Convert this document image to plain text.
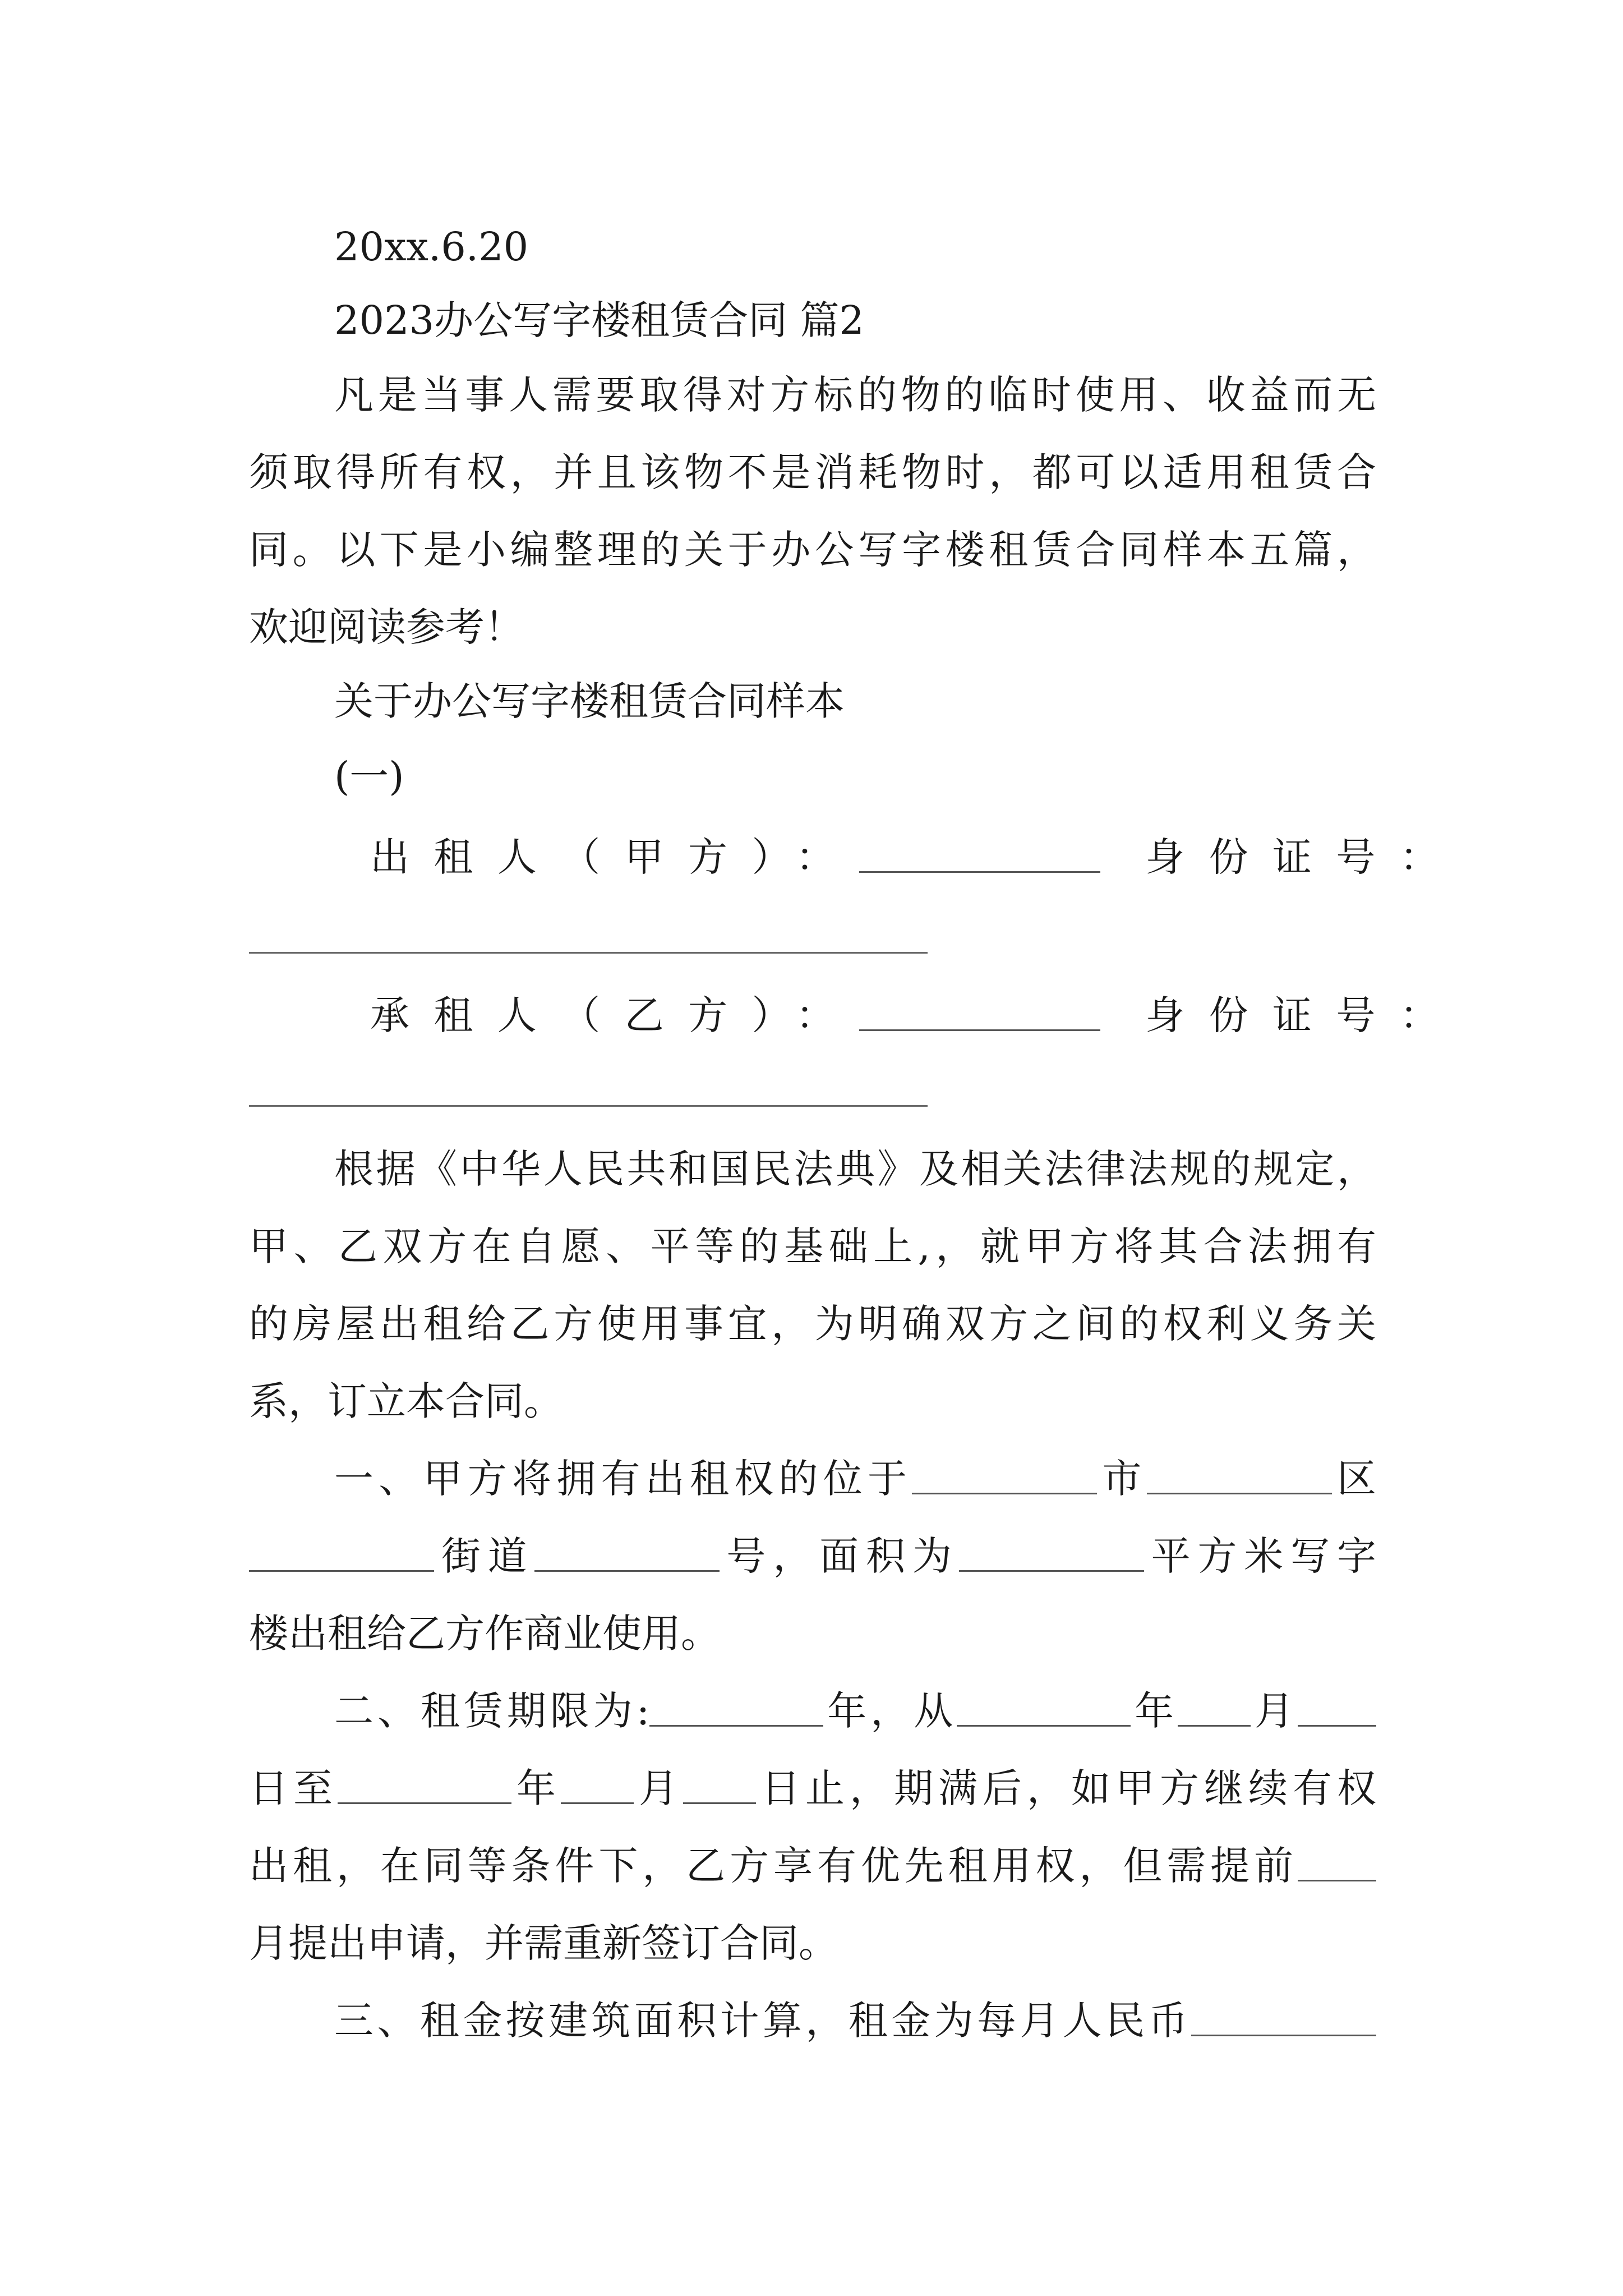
20xx.6.20
2023办公写字楼租赁合同 篇2
凡是当事人需要取得对方标的物的临时使用、收益而无
须取得所有权，并且该物不是消耗物时，都可以适用租赁合
同。以下是小编整理的关于办公写字楼租赁合同样本五篇，
欢迎阅读参考！
关于办公写字楼租赁合同样本
(一)
出租人（甲方）：	身份证号：
承租人（乙方）：	身份证号：
根据《中华人民共和国民法典》及相关法律法规的规定，
甲、乙双方在自愿、平等的基础上,，就甲方将其合法拥有
的房屋出租给乙方使用事宜，为明确双方之间的权利义务关
系，订立本合同。
一、甲方将拥有出租权的位于	市	区
街道	号，面积为	平方米写字
楼出租给乙方作商业使用。
二、租赁期限为:	年，从	年 月
日至	年 月 日止，期满后，如甲方继续有权
出租，在同等条件下，乙方享有优先租用权，但需提前
月提出申请，并需重新签订合同。
三、租金按建筑面积计算，租金为每月人民币
